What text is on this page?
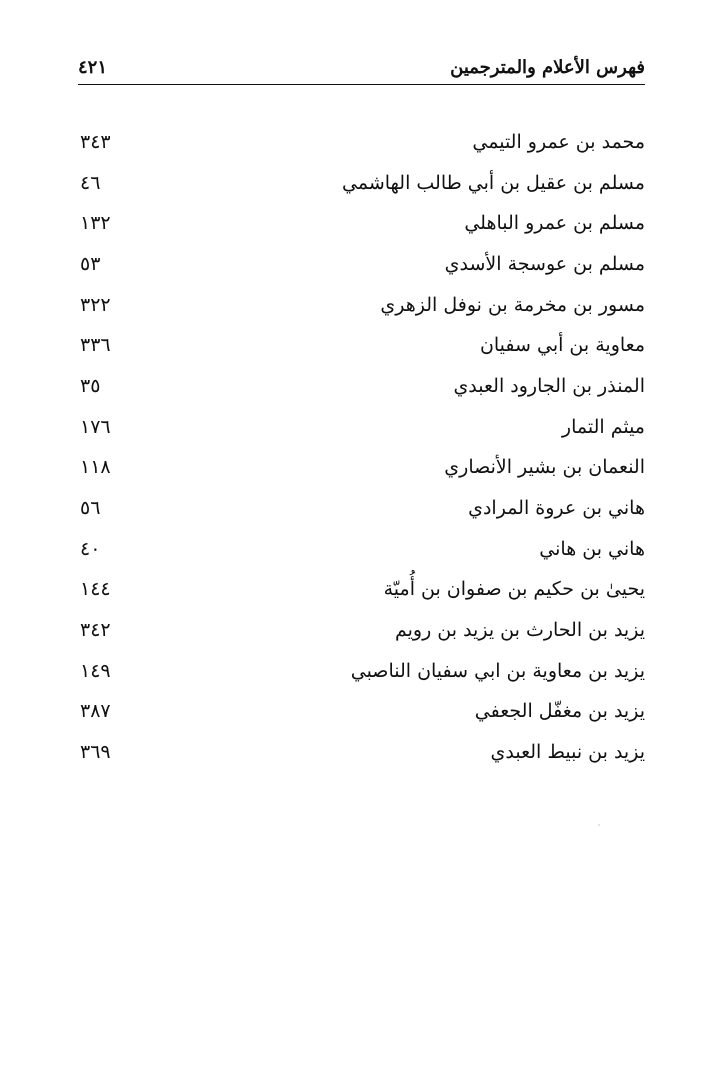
فهرس الأعلام والمترجمين
٤٢١
محمد بن عمرو التيمي
٣٤٣
مسلم بن عقيل بن أبي طالب الهاشمي
٤٦
مسلم بن عمرو الباهلي
١٣٢
مسلم بن عوسجة الأسدي
٥٣
مسور بن مخرمة بن نوفل الزهري
٣٢٢
معاوية بن أبي سفيان
٣٣٦
المنذر بن الجارود العبدي
٣٥
ميثم التمار
١٧٦
النعمان بن بشير الأنصاري
١١٨
هاني بن عروة المرادي
٥٦
هاني بن هاني
٤٠
يحيىٰ بن حكيم بن صفوان بن أُميّة
١٤٤
يزيد بن الحارث بن يزيد بن رويم
٣٤٢
يزيد بن معاوية بن ابي سفيان الناصبي
١٤٩
يزيد بن مغفّل الجعفي
٣٨٧
يزيد بن نبيط العبدي
٣٦٩
